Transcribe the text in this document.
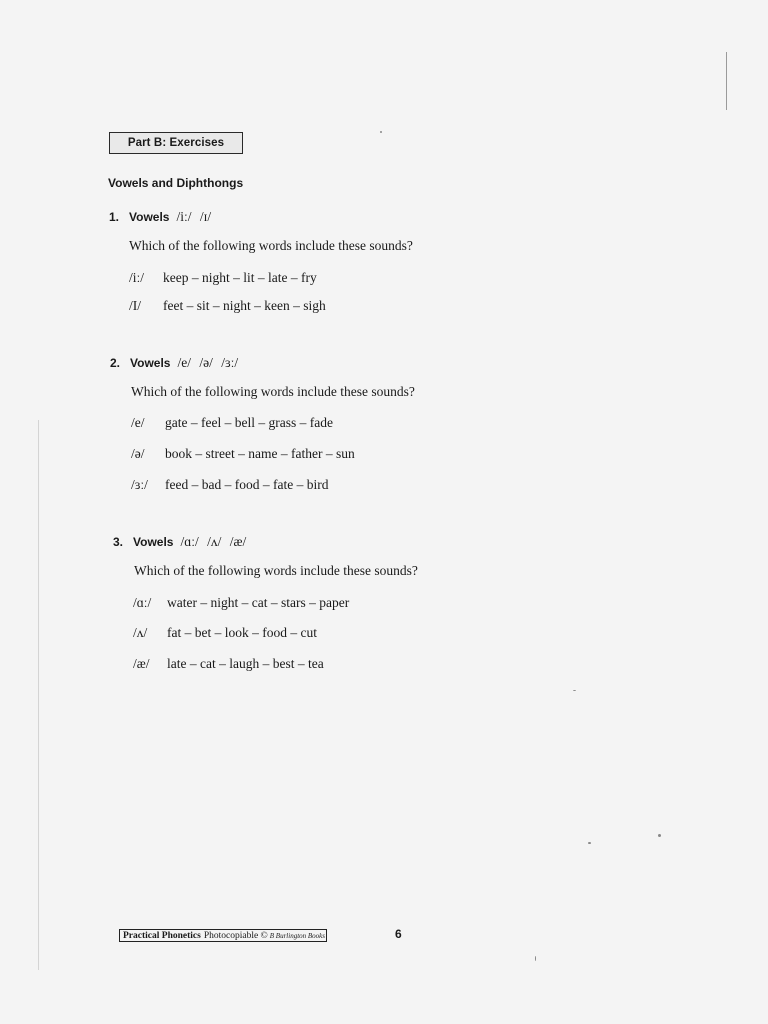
Part B: Exercises
Vowels and Diphthongs
1. Vowels /iː/ /ɪ/
Which of the following words include these sounds?
/iː/	keep – night – lit – late – fry
/I/	feet – sit – night – keen – sigh
2. Vowels /e/ /ə/ /ɜː/
Which of the following words include these sounds?
/e/	gate – feel – bell – grass – fade
/ə/	book – street – name – father – sun
/ɜː/	feed – bad – food – fate – bird
3. Vowels /ɑː/ /ʌ/ /æ/
Which of the following words include these sounds?
/ɑː/	water – night – cat – stars – paper
/ʌ/	fat – bet – look – food – cut
/æ/	late – cat – laugh – best – tea
Practical Phonetics Photocopiable © B Burlington Books	6
